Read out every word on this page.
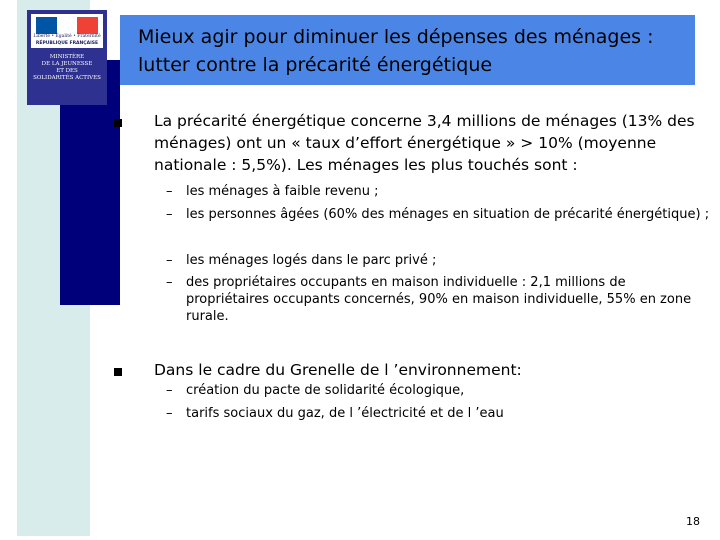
Liberté • Égalité • Fraternité
RÉPUBLIQUE FRANÇAISE
MINISTÈRE
DE LA JEUNESSE
ET DES
SOLIDARITÉS ACTIVES
Mieux agir pour diminuer les dépenses des ménages :
lutter contre la précarité énergétique
La précarité énergétique concerne 3,4 millions de ménages (13% des ménages) ont un « taux d’effort énergétique » > 10% (moyenne nationale : 5,5%). Les ménages les plus touchés sont :
– les ménages à faible revenu ;
– les personnes âgées (60% des ménages en situation de précarité énergétique) ;
– les ménages logés dans le parc privé ;
– des propriétaires occupants en maison individuelle : 2,1 millions de propriétaires occupants concernés, 90% en maison individuelle, 55% en zone rurale.
Dans le cadre du Grenelle de l ’environnement:
– création du pacte de solidarité écologique,
– tarifs sociaux du gaz, de l ’électricité et de l ’eau
18
